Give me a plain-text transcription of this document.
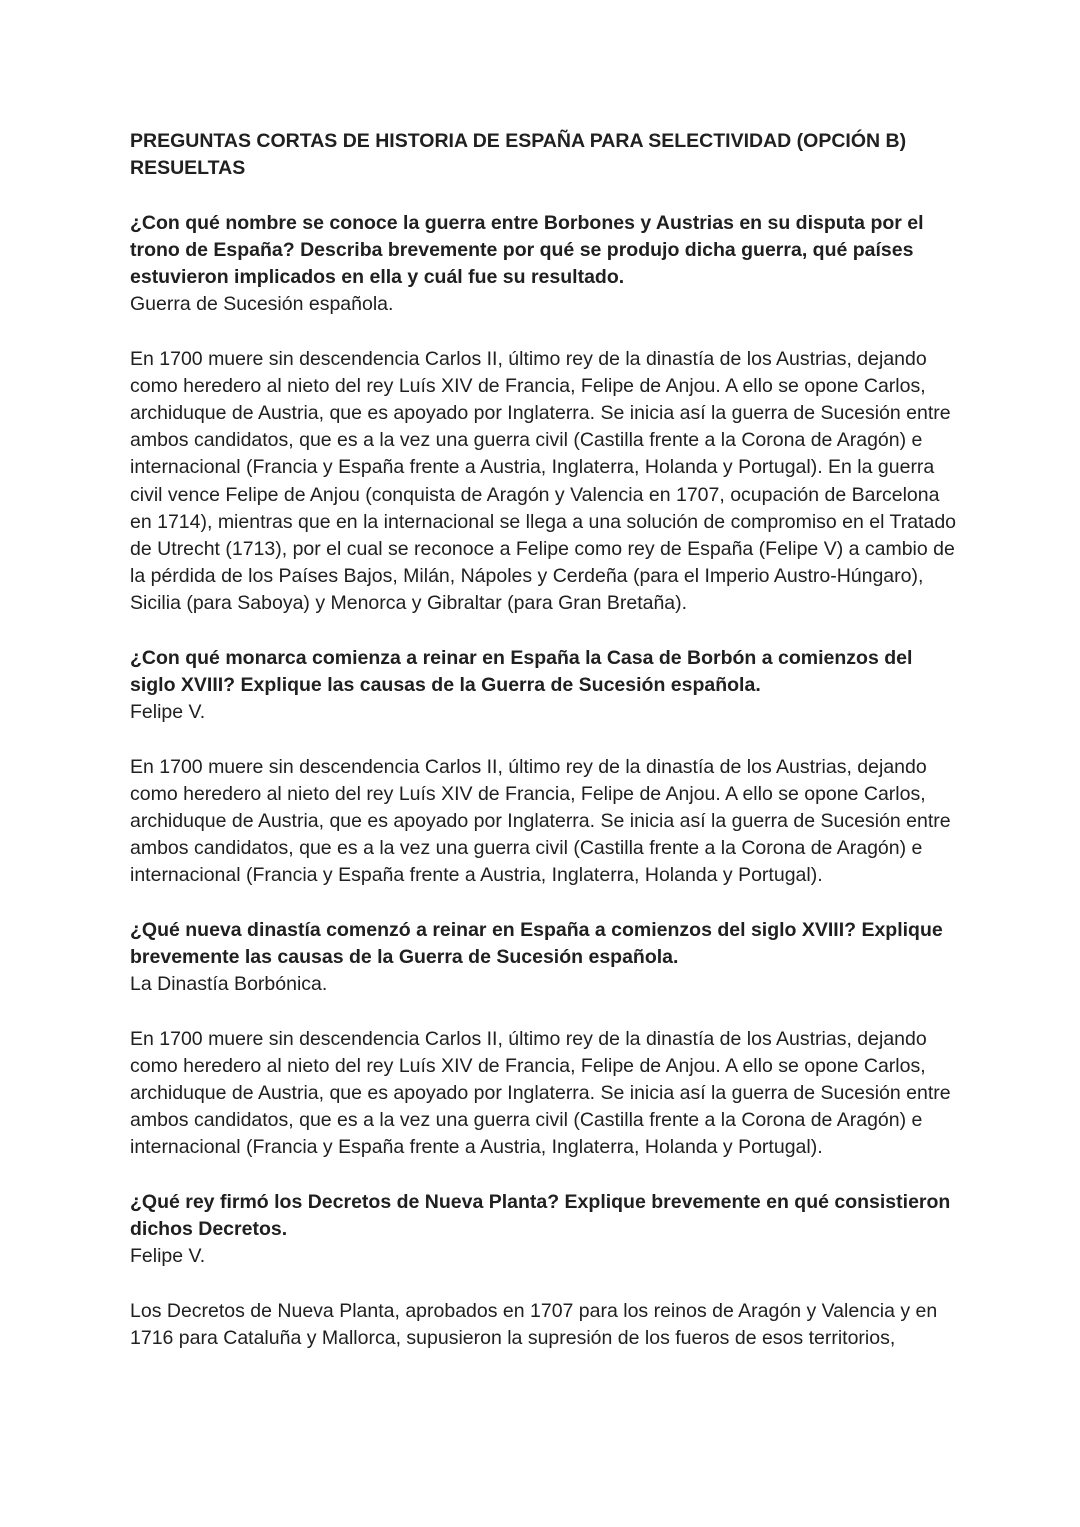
PREGUNTAS CORTAS DE HISTORIA DE ESPAÑA PARA SELECTIVIDAD (OPCIÓN B) RESUELTAS

¿Con qué nombre se conoce la guerra entre Borbones y Austrias en su disputa por el trono de España? Describa brevemente por qué se produjo dicha guerra, qué países estuvieron implicados en ella y cuál fue su resultado.

Guerra de Sucesión española.

En 1700 muere sin descendencia Carlos II, último rey de la dinastía de los Austrias, dejando como heredero al nieto del rey Luís XIV de Francia, Felipe de Anjou. A ello se opone Carlos, archiduque de Austria, que es apoyado por Inglaterra. Se inicia así la guerra de Sucesión entre ambos candidatos, que es a la vez una guerra civil (Castilla frente a la Corona de Aragón) e internacional (Francia y España frente a Austria, Inglaterra, Holanda y Portugal). En la guerra civil vence Felipe de Anjou (conquista de Aragón y Valencia en 1707, ocupación de Barcelona en 1714), mientras que en la internacional se llega a una solución de compromiso en el Tratado de Utrecht (1713), por el cual se reconoce a Felipe como rey de España (Felipe V) a cambio de la pérdida de los Países Bajos, Milán, Nápoles y Cerdeña (para el Imperio Austro-Húngaro), Sicilia (para Saboya) y Menorca y Gibraltar (para Gran Bretaña).

¿Con qué monarca comienza a reinar en España la Casa de Borbón a comienzos del siglo XVIII? Explique las causas de la Guerra de Sucesión española.

Felipe V.

En 1700 muere sin descendencia Carlos II, último rey de la dinastía de los Austrias, dejando como heredero al nieto del rey Luís XIV de Francia, Felipe de Anjou. A ello se opone Carlos, archiduque de Austria, que es apoyado por Inglaterra. Se inicia así la guerra de Sucesión entre ambos candidatos, que es a la vez una guerra civil (Castilla frente a la Corona de Aragón) e internacional (Francia y España frente a Austria, Inglaterra, Holanda y Portugal).

¿Qué nueva dinastía comenzó a reinar en España a comienzos del siglo XVIII? Explique brevemente las causas de la Guerra de Sucesión española.

La Dinastía Borbónica.

En 1700 muere sin descendencia Carlos II, último rey de la dinastía de los Austrias, dejando como heredero al nieto del rey Luís XIV de Francia, Felipe de Anjou. A ello se opone Carlos, archiduque de Austria, que es apoyado por Inglaterra. Se inicia así la guerra de Sucesión entre ambos candidatos, que es a la vez una guerra civil (Castilla frente a la Corona de Aragón) e internacional (Francia y España frente a Austria, Inglaterra, Holanda y Portugal).

¿Qué rey firmó los Decretos de Nueva Planta? Explique brevemente en qué consistieron dichos Decretos.

Felipe V.

Los Decretos de Nueva Planta, aprobados en 1707 para los reinos de Aragón y Valencia y en 1716 para Cataluña y Mallorca, supusieron la supresión de los fueros de esos territorios,
